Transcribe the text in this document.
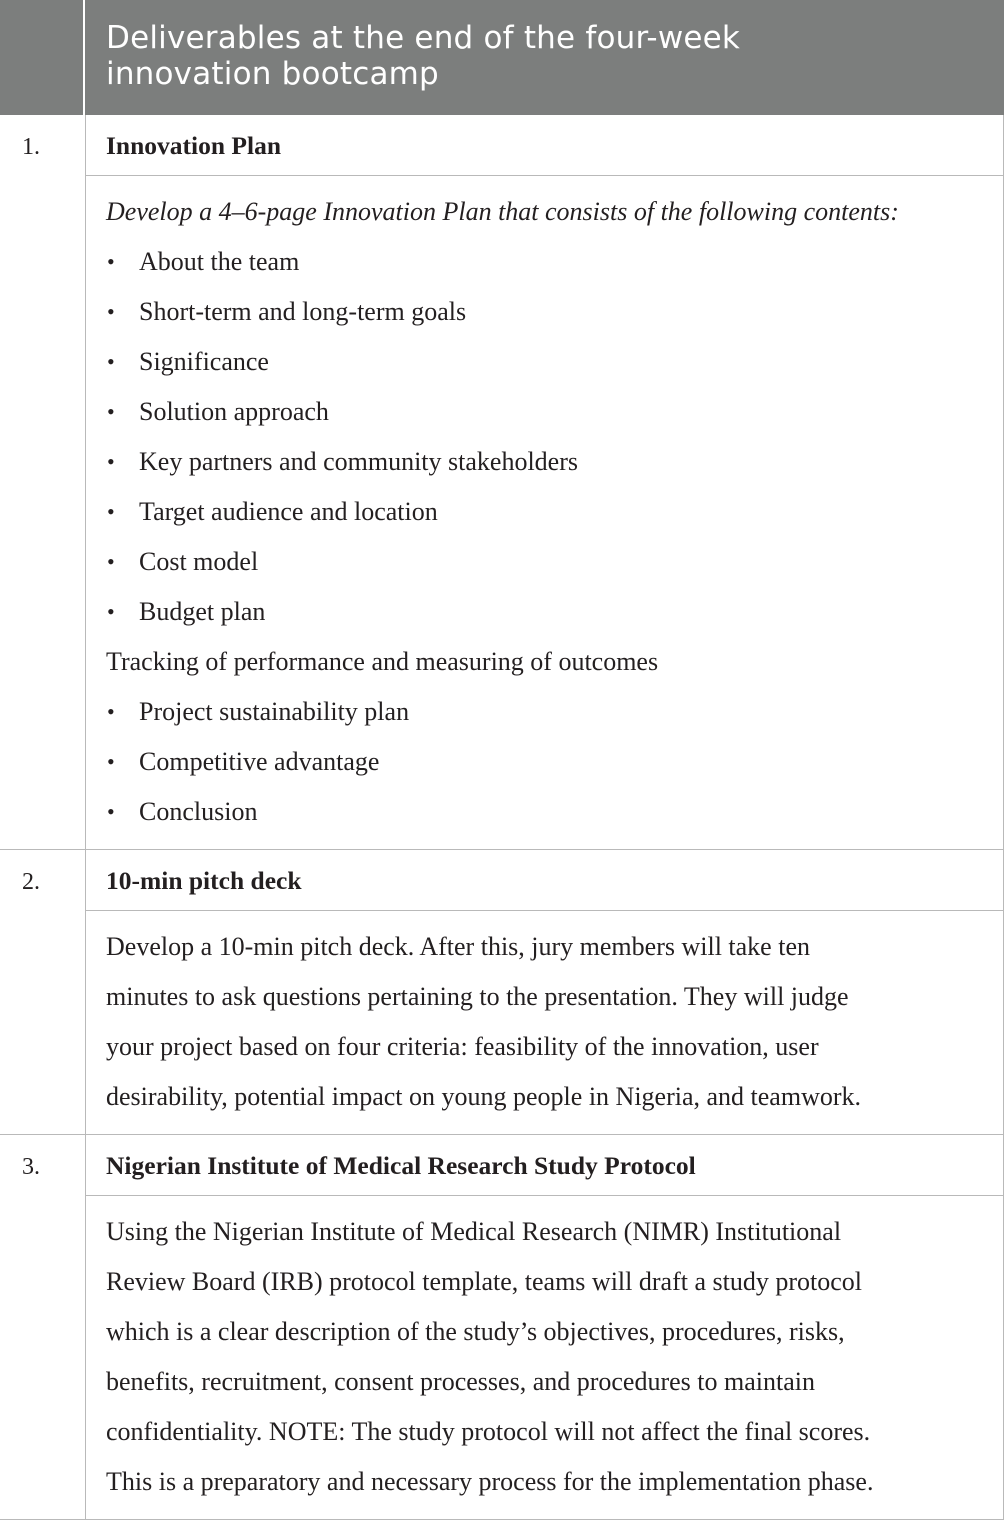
Deliverables at the end of the four-week
innovation bootcamp
1.	Innovation Plan
Develop a 4–6-page Innovation Plan that consists of the following contents:
• About the team
• Short-term and long-term goals
• Significance
• Solution approach
• Key partners and community stakeholders
• Target audience and location
• Cost model
• Budget plan
Tracking of performance and measuring of outcomes
• Project sustainability plan
• Competitive advantage
• Conclusion
2.	10-min pitch deck

Develop a 10-min pitch deck. After this, jury members will take ten

minutes to ask questions pertaining to the presentation. They will judge

your project based on four criteria: feasibility of the innovation, user

desirability, potential impact on young people in Nigeria, and teamwork.

3.	Nigerian Institute of Medical Research Study Protocol

Using the Nigerian Institute of Medical Research (NIMR) Institutional

Review Board (IRB) protocol template, teams will draft a study protocol

which is a clear description of the study’s objectives, procedures, risks,

benefits, recruitment, consent processes, and procedures to maintain

confidentiality. NOTE: The study protocol will not affect the final scores.

This is a preparatory and necessary process for the implementation phase.
